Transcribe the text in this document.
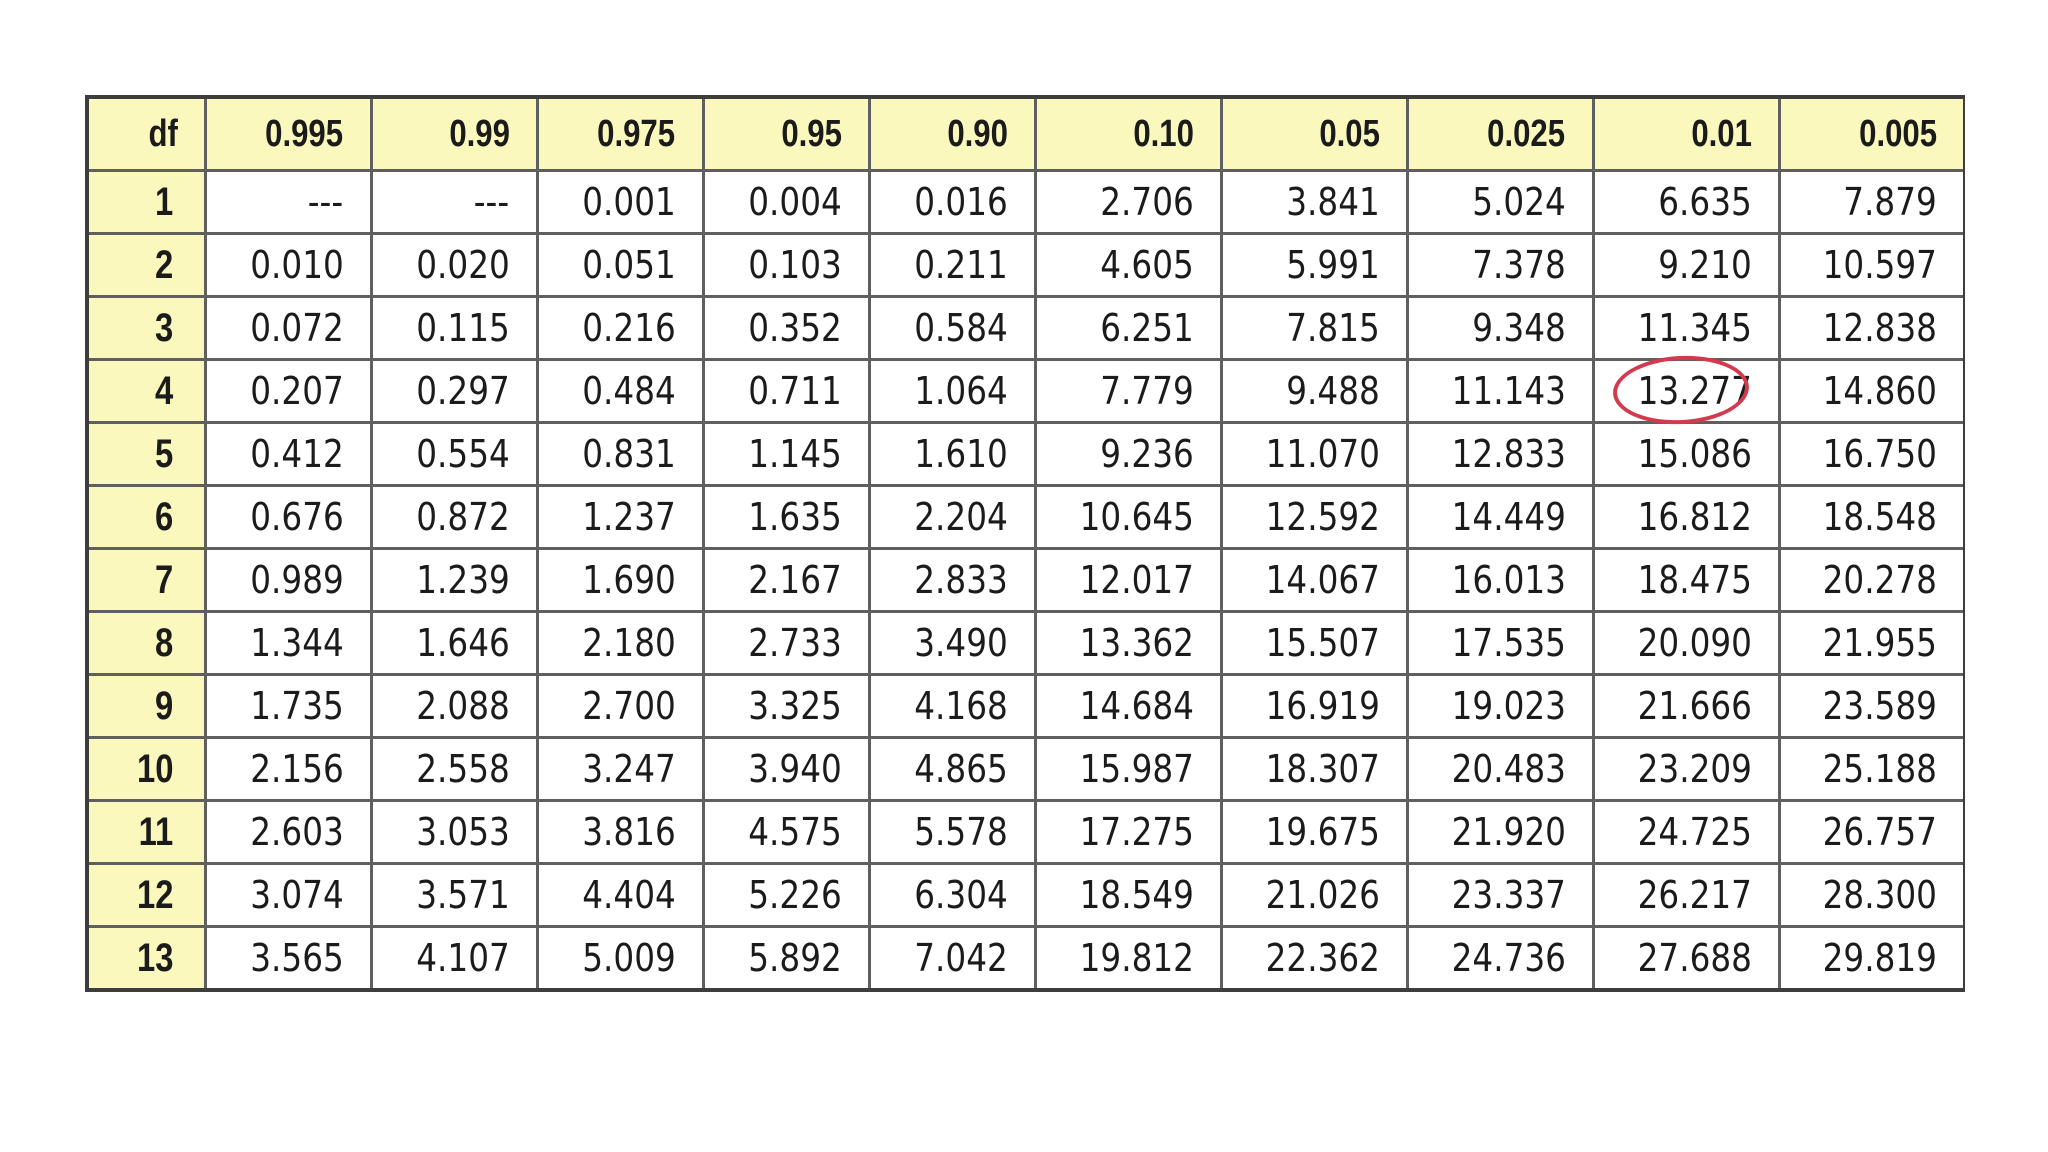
df	0.995	0.99	0.975	0.95	0.90	0.10	0.05	0.025	0.01	0.005
1	---	---	0.001	0.004	0.016	2.706	3.841	5.024	6.635	7.879
2	0.010	0.020	0.051	0.103	0.211	4.605	5.991	7.378	9.210	10.597
3	0.072	0.115	0.216	0.352	0.584	6.251	7.815	9.348	11.345	12.838
4	0.207	0.297	0.484	0.711	1.064	7.779	9.488	11.143	13.277	14.860
5	0.412	0.554	0.831	1.145	1.610	9.236	11.070	12.833	15.086	16.750
6	0.676	0.872	1.237	1.635	2.204	10.645	12.592	14.449	16.812	18.548
7	0.989	1.239	1.690	2.167	2.833	12.017	14.067	16.013	18.475	20.278
8	1.344	1.646	2.180	2.733	3.490	13.362	15.507	17.535	20.090	21.955
9	1.735	2.088	2.700	3.325	4.168	14.684	16.919	19.023	21.666	23.589
10	2.156	2.558	3.247	3.940	4.865	15.987	18.307	20.483	23.209	25.188
11	2.603	3.053	3.816	4.575	5.578	17.275	19.675	21.920	24.725	26.757
12	3.074	3.571	4.404	5.226	6.304	18.549	21.026	23.337	26.217	28.300
13	3.565	4.107	5.009	5.892	7.042	19.812	22.362	24.736	27.688	29.819
